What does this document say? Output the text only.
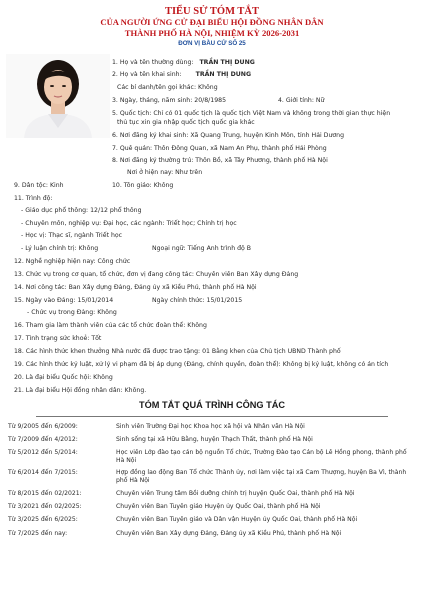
TIỂU SỬ TÓM TẮT
CỦA NGƯỜI ỨNG CỬ ĐẠI BIỂU HỘI ĐỒNG NHÂN DÂN
THÀNH PHỐ HÀ NỘI, NHIỆM KỲ 2026-2031
ĐƠN VỊ BẦU CỬ SỐ 25
1. Họ và tên thường dùng: TRẦN THỊ DUNG
2. Họ và tên khai sinh: TRẦN THỊ DUNG
Các bí danh/tên gọi khác: Không
3. Ngày, tháng, năm sinh: 20/8/1985	4. Giới tính: Nữ
5. Quốc tịch: Chỉ có 01 quốc tịch là quốc tịch Việt Nam và không trong thời gian thực hiện
thủ tục xin gia nhập quốc tịch quốc gia khác
6. Nơi đăng ký khai sinh: Xã Quang Trung, huyện Kinh Môn, tỉnh Hải Dương
7. Quê quán: Thôn Đông Quan, xã Nam An Phụ, thành phố Hải Phòng
8. Nơi đăng ký thường trú: Thôn Bồ, xã Tây Phương, thành phố Hà Nội
Nơi ở hiện nay: Như trên
9. Dân tộc: Kinh	10. Tôn giáo: Không
11. Trình độ:
- Giáo dục phổ thông: 12/12 phổ thông
- Chuyên môn, nghiệp vụ: Đại học, các ngành: Triết học; Chính trị học
- Học vị: Thạc sĩ, ngành Triết học
- Lý luận chính trị: Không	Ngoại ngữ: Tiếng Anh trình độ B
12. Nghề nghiệp hiện nay: Công chức
13. Chức vụ trong cơ quan, tổ chức, đơn vị đang công tác: Chuyên viên Ban Xây dựng Đảng
14. Nơi công tác: Ban Xây dựng Đảng, Đảng ủy xã Kiều Phú, thành phố Hà Nội
15. Ngày vào Đảng: 15/01/2014	Ngày chính thức: 15/01/2015
- Chức vụ trong Đảng: Không
16. Tham gia làm thành viên của các tổ chức đoàn thể: Không
17. Tình trạng sức khoẻ: Tốt
18. Các hình thức khen thưởng Nhà nước đã được trao tặng: 01 Bằng khen của Chủ tịch UBND Thành phố
19. Các hình thức kỷ luật, xử lý vi phạm đã bị áp dụng (Đảng, chính quyền, đoàn thể): Không bị kỷ luật, không có án tích
20. Là đại biểu Quốc hội: Không
21. Là đại biểu Hội đồng nhân dân: Không.
TÓM TẮT QUÁ TRÌNH CÔNG TÁC
Từ 9/2005 đến 6/2009:	Sinh viên Trường Đại học Khoa học xã hội và Nhân văn Hà Nội
Từ 7/2009 đến 4/2012:	Sinh sống tại xã Hữu Bằng, huyện Thạch Thất, thành phố Hà Nội
Từ 5/2012 đến 5/2014:	Học viên Lớp đào tạo cán bộ nguồn Tổ chức, Trường Đào tạo Cán bộ Lê Hồng phong, thành phố Hà Nội
Từ 6/2014 đến 7/2015:	Hợp đồng lao động Ban Tổ chức Thành ủy, nơi làm việc tại xã Cam Thượng, huyện Ba Vì, thành phố Hà Nội
Từ 8/2015 đến 02/2021:	Chuyên viên Trung tâm Bồi dưỡng chính trị huyện Quốc Oai, thành phố Hà Nội
Từ 3/2021 đến 02/2025:	Chuyên viên Ban Tuyên giáo Huyện ủy Quốc Oai, thành phố Hà Nội
Từ 3/2025 đến 6/2025:	Chuyên viên Ban Tuyên giáo và Dân vận Huyện ủy Quốc Oai, thành phố Hà Nội
Từ 7/2025 đến nay:	Chuyên viên Ban Xây dựng Đảng, Đảng ủy xã Kiều Phú, thành phố Hà Nội
